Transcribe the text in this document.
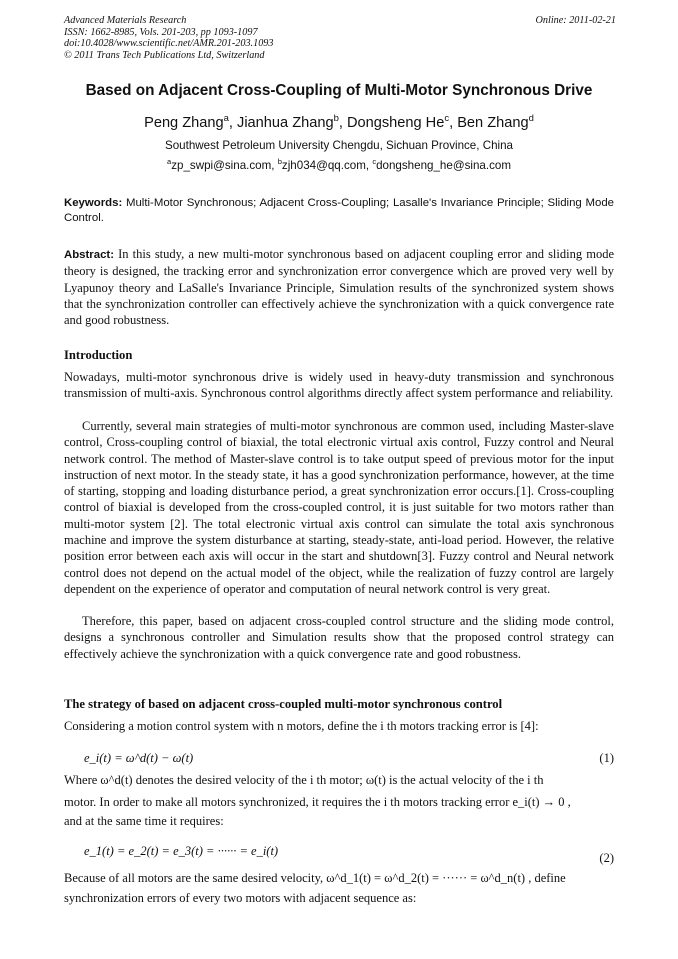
Advanced Materials Research
ISSN: 1662-8985, Vols. 201-203, pp 1093-1097
doi:10.4028/www.scientific.net/AMR.201-203.1093
© 2011 Trans Tech Publications Ltd, Switzerland
Online: 2011-02-21
Based on Adjacent Cross-Coupling of Multi-Motor Synchronous Drive
Peng Zhang$^a$, Jianhua Zhang$^b$, Dongsheng He$^c$, Ben Zhang$^d$
Southwest Petroleum University Chengdu, Sichuan Province, China
$^a$zp_swpi@sina.com, $^b$zjh034@qq.com, $^c$dongsheng_he@sina.com
Keywords: Multi-Motor Synchronous; Adjacent Cross-Coupling; Lasalle's Invariance Principle; Sliding Mode Control.
Abstract: In this study, a new multi-motor synchronous based on adjacent coupling error and sliding mode theory is designed, the tracking error and synchronization error convergence which are proved very well by Lyapunoy theory and LaSalle's Invariance Principle, Simulation results of the synchronized system shows that the synchronization controller can effectively achieve the synchronization with a quick convergence rate and good robustness.
Introduction
Nowadays, multi-motor synchronous drive is widely used in heavy-duty transmission and synchronous transmission of multi-axis. Synchronous control algorithms directly affect system performance and reliability.
Currently, several main strategies of multi-motor synchronous are common used, including Master-slave control, Cross-coupling control of biaxial, the total electronic virtual axis control, Fuzzy control and Neural network control. The method of Master-slave control is to take output speed of previous motor for the input instruction of next motor. In the steady state, it has a good synchronization performance, however, at the time of starting, stopping and loading disturbance period, a great synchronization error occurs.[1]. Cross-coupling control of biaxial is developed from the cross-coupled control, it is just suitable for two motors rather than multi-motor system [2]. The total electronic virtual axis control can simulate the total axis synchronous machine and improve the system disturbance at starting, steady-state, anti-load period. However, the relative position error between each axis will occur in the start and shutdown[3]. Fuzzy control and Neural network control does not depend on the actual model of the object, while the realization of fuzzy control are largely dependent on the experience of operator and computation of neural network control is very great.
Therefore, this paper, based on adjacent cross-coupled control structure and the sliding mode control, designs a synchronous controller and Simulation results show that the proposed control strategy can effectively achieve the synchronization with a quick convergence rate and good robustness.
The strategy of based on adjacent cross-coupled multi-motor synchronous control
Considering a motion control system with n motors, define the i th motors tracking error is [4]:
e_i(t) = ω^d(t) − ω(t)	(1)
Where ω^d(t) denotes the desired velocity of the i th motor; ω(t) is the actual velocity of the i th
motor. In order to make all motors synchronized, it requires the i th motors tracking error e_i(t) → 0 ,
and at the same time it requires:
e_1(t) = e_2(t) = e_3(t) = ······ = e_i(t)	(2)
Because of all motors are the same desired velocity, ω^d_1(t) = ω^d_2(t) = ······ = ω^d_n(t) , define
synchronization errors of every two motors with adjacent sequence as:
